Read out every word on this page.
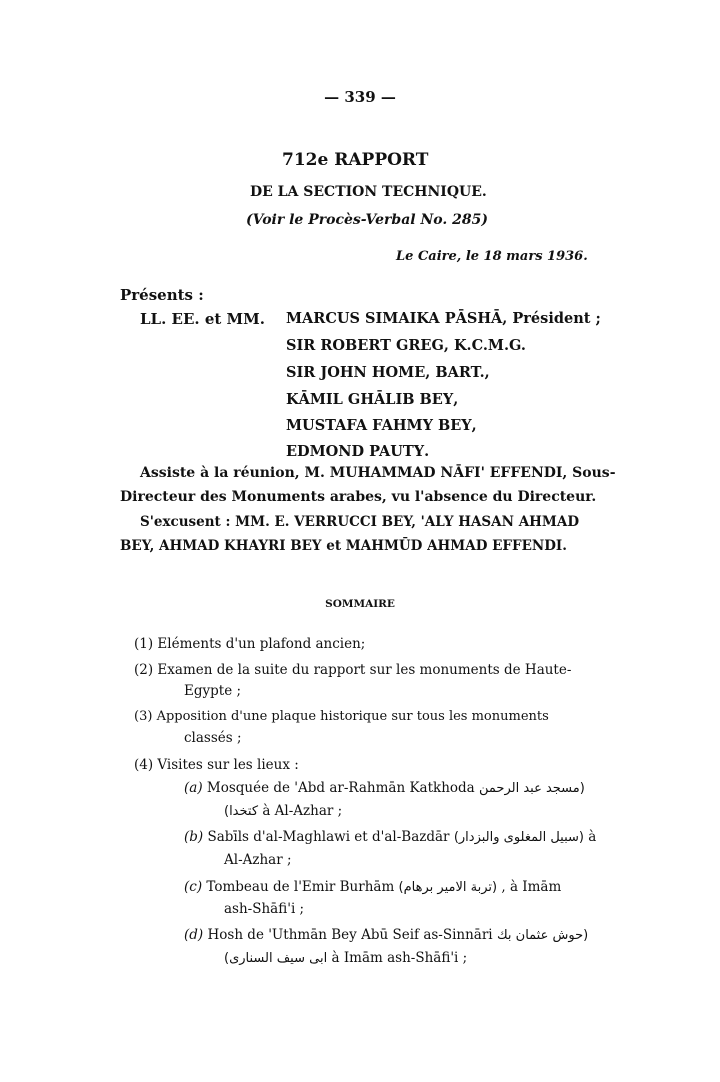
— 339 —
712e RAPPORT
DE LA SECTION TECHNIQUE.
(Voir le Procès-Verbal No. 285)
Le Caire, le 18 mars 1936.
Présents :
LL. EE. et MM. MARCUS SIMAIKA PĀSHĀ, Président ;
SIR ROBERT GREG, K.C.M.G.
SIR JOHN HOME, BART.,
KĀMIL GHĀLIB BEY,
MUSTAFA FAHMY BEY,
EDMOND PAUTY.
Assiste à la réunion, M. MUHAMMAD NĀFI' EFFENDI, Sous-
Directeur des Monuments arabes, vu l'absence du Directeur.
S'excusent : MM. E. VERRUCCI BEY, 'ALY HASAN AHMAD
BEY, AHMAD KHAYRI BEY et MAHMŪD AHMAD EFFENDI.
SOMMAIRE
(1) Eléments d'un plafond ancien;
(2) Examen de la suite du rapport sur les monuments de Haute-
Egypte ;
(3) Apposition d'une plaque historique sur tous les monuments
classés ;
(4) Visites sur les lieux :
(a) Mosquée de 'Abd ar-Rahmān Katkhoda (مسجد عبد الرحمن
كتخدا) à Al-Azhar ;
(b) Sabīls d'al-Maghlawi et d'al-Bazdār (سبيل المغلوى والبزدار) à
Al-Azhar ;
(c) Tombeau de l'Emir Burhām (تربة الامير برهام) , à Imām
ash-Shāfi'i ;
(d) Hosh de 'Uthmān Bey Abū Seif as-Sinnāri (حوش عثمان بك
ابى سيف السنارى) à Imām ash-Shāfi'i ;
